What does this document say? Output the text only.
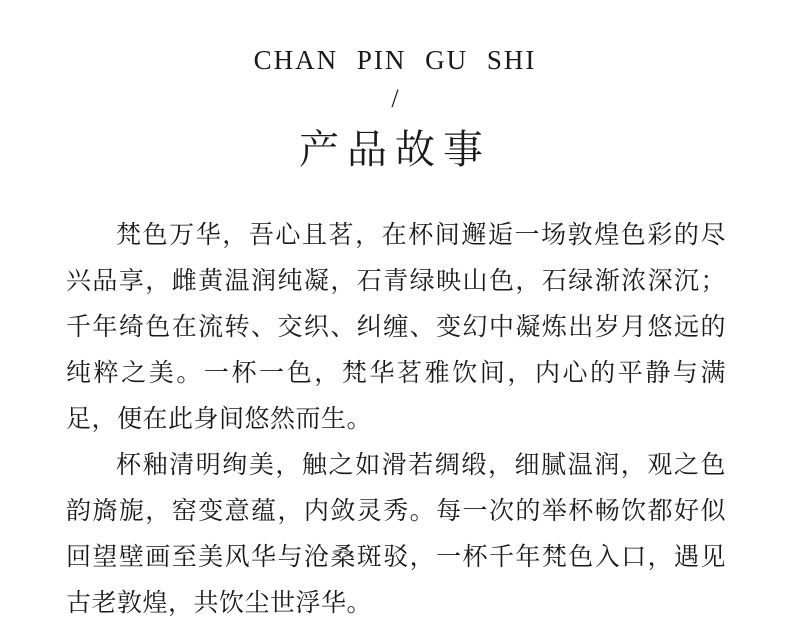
CHAN PIN GU SHI
/
产品故事

梵色万华，吾心且茗，在杯间邂逅一场敦煌色彩的尽兴品享，雌黄温润纯凝，石青绿映山色，石绿渐浓深沉；千年绮色在流转、交织、纠缠、变幻中凝炼出岁月悠远的纯粹之美。一杯一色，梵华茗雅饮间，内心的平静与满足，便在此身间悠然而生。

杯釉清明绚美，触之如滑若绸缎，细腻温润，观之色韵旖旎，窑变意蕴，内敛灵秀。每一次的举杯畅饮都好似回望壁画至美风华与沧桑斑驳，一杯千年梵色入口，遇见古老敦煌，共饮尘世浮华。
